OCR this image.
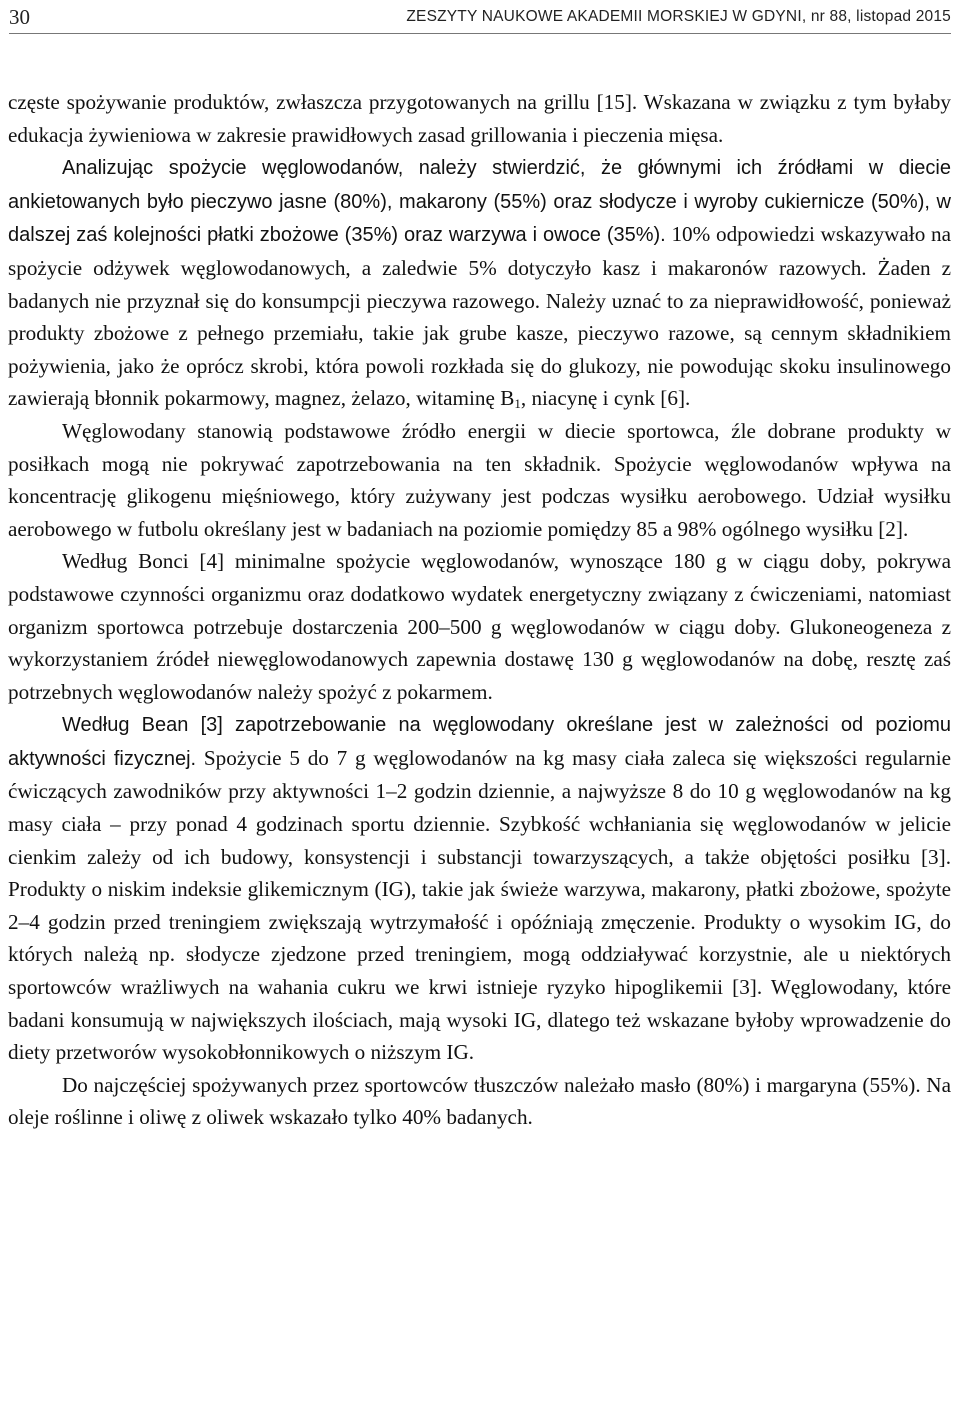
30	ZESZYTY NAUKOWE AKADEMII MORSKIEJ W GDYNI, nr 88, listopad 2015

częste spożywanie produktów, zwłaszcza przygotowanych na grillu [15]. Wskazana w związku z tym byłaby edukacja żywieniowa w zakresie prawidłowych zasad grillowania i pieczenia mięsa.

Analizując spożycie węglowodanów, należy stwierdzić, że głównymi ich źródłami w diecie ankietowanych było pieczywo jasne (80%), makarony (55%) oraz słodycze i wyroby cukiernicze (50%), w dalszej zaś kolejności płatki zbożowe (35%) oraz warzywa i owoce (35%). 10% odpowiedzi wskazywało na spożycie odżywek węglowodanowych, a zaledwie 5% dotyczyło kasz i makaronów razowych. Żaden z badanych nie przyznał się do konsumpcji pieczywa razowego. Należy uznać to za nieprawidłowość, ponieważ produkty zbożowe z pełnego przemiału, takie jak grube kasze, pieczywo razowe, są cennym składnikiem pożywienia, jako że oprócz skrobi, która powoli rozkłada się do glukozy, nie powodując skoku insulinowego zawierają błonnik pokarmowy, magnez, żelazo, witaminę $B_1$, niacynę i cynk [6].

Węglowodany stanowią podstawowe źródło energii w diecie sportowca, źle dobrane produkty w posiłkach mogą nie pokrywać zapotrzebowania na ten składnik. Spożycie węglowodanów wpływa na koncentrację glikogenu mięśniowego, który zużywany jest podczas wysiłku aerobowego. Udział wysiłku aerobowego w futbolu określany jest w badaniach na poziomie pomiędzy 85 a 98% ogólnego wysiłku [2].

Według Bonci [4] minimalne spożycie węglowodanów, wynoszące 180 g w ciągu doby, pokrywa podstawowe czynności organizmu oraz dodatkowo wydatek energetyczny związany z ćwiczeniami, natomiast organizm sportowca potrzebuje dostarczenia 200–500 g węglowodanów w ciągu doby. Glukoneogeneza z wykorzystaniem źródeł niewęglowodanowych zapewnia dostawę 130 g węglowodanów na dobę, resztę zaś potrzebnych węglowodanów należy spożyć z pokarmem.

Według Bean [3] zapotrzebowanie na węglowodany określane jest w zależności od poziomu aktywności fizycznej. Spożycie 5 do 7 g węglowodanów na kg masy ciała zaleca się większości regularnie ćwiczących zawodników przy aktywności 1–2 godzin dziennie, a najwyższe 8 do 10 g węglowodanów na kg masy ciała – przy ponad 4 godzinach sportu dziennie. Szybkość wchłaniania się węglowodanów w jelicie cienkim zależy od ich budowy, konsystencji i substancji towarzyszących, a także objętości posiłku [3]. Produkty o niskim indeksie glikemicznym (IG), takie jak świeże warzywa, makarony, płatki zbożowe, spożyte 2–4 godzin przed treningiem zwiększają wytrzymałość i opóźniają zmęczenie. Produkty o wysokim IG, do których należą np. słodycze zjedzone przed treningiem, mogą oddziaływać korzystnie, ale u niektórych sportowców wrażliwych na wahania cukru we krwi istnieje ryzyko hipoglikemii [3]. Węglowodany, które badani konsumują w największych ilościach, mają wysoki IG, dlatego też wskazane byłoby wprowadzenie do diety przetworów wysokobłonnikowych o niższym IG.

Do najczęściej spożywanych przez sportowców tłuszczów należało masło (80%) i margaryna (55%). Na oleje roślinne i oliwę z oliwek wskazało tylko 40% badanych.
